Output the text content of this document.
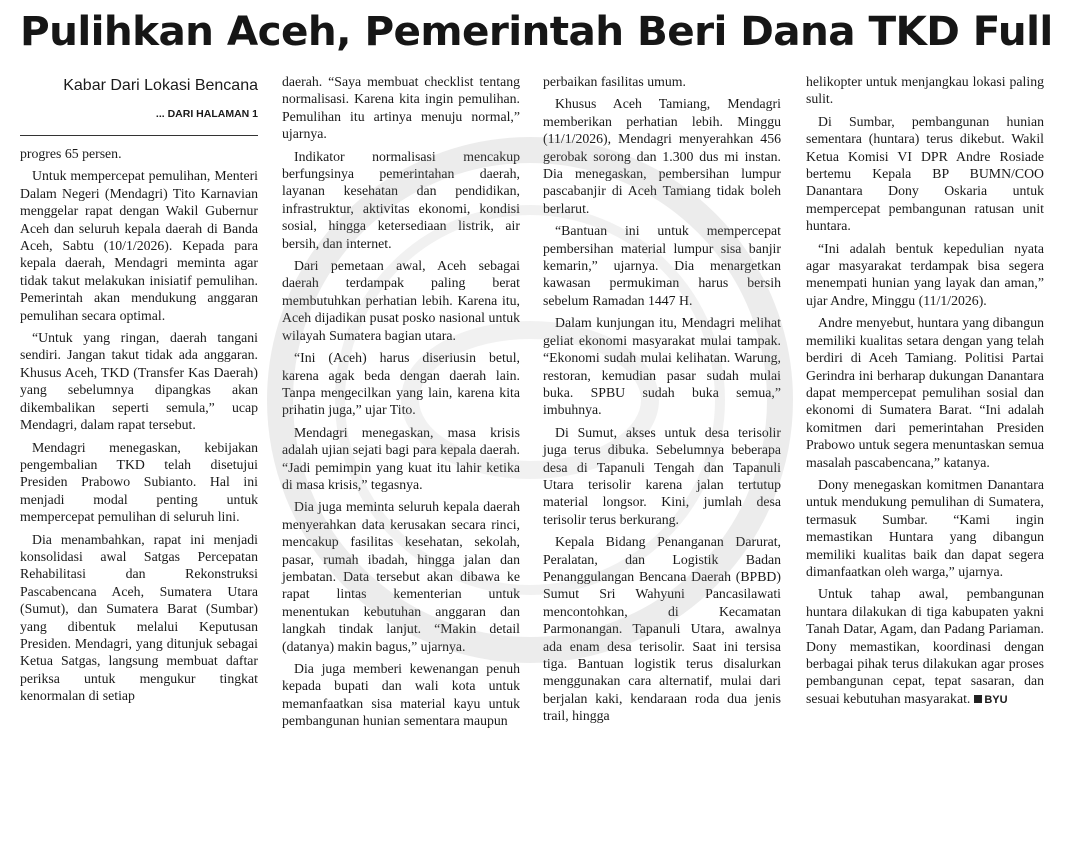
Pulihkan Aceh, Pemerintah Beri Dana TKD Full
Kabar Dari Lokasi Bencana
... DARI HALAMAN 1

progres 65 persen.

Untuk mempercepat pemulihan, Menteri Dalam Negeri (Mendagri) Tito Karnavian menggelar rapat dengan Wakil Gubernur Aceh dan seluruh kepala daerah di Banda Aceh, Sabtu (10/1/2026). Kepada para kepala daerah, Mendagri meminta agar tidak takut melakukan inisiatif pemulihan. Pemerintah akan mendukung anggaran pemulihan secara optimal.

“Untuk yang ringan, daerah tangani sendiri. Jangan takut tidak ada anggaran. Khusus Aceh, TKD (Transfer Kas Daerah) yang sebelumnya dipangkas akan dikembalikan seperti semula,” ucap Mendagri, dalam rapat tersebut.

Mendagri menegaskan, kebijakan pengembalian TKD telah disetujui Presiden Prabowo Subianto. Hal ini menjadi modal penting untuk mempercepat pemulihan di seluruh lini.

Dia menambahkan, rapat ini menjadi konsolidasi awal Satgas Percepatan Rehabilitasi dan Rekonstruksi Pascabencana Aceh, Sumatera Utara (Sumut), dan Sumatera Barat (Sumbar) yang dibentuk melalui Keputusan Presiden. Mendagri, yang ditunjuk sebagai Ketua Satgas, langsung membuat daftar periksa untuk mengukur tingkat kenormalan di setiap

daerah. “Saya membuat checklist tentang normalisasi. Karena kita ingin pemulihan. Pemulihan itu artinya menuju normal,” ujarnya.

Indikator normalisasi mencakup berfungsinya pemerintahan daerah, layanan kesehatan dan pendidikan, infrastruktur, aktivitas ekonomi, kondisi sosial, hingga ketersediaan listrik, air bersih, dan internet.

Dari pemetaan awal, Aceh sebagai daerah terdampak paling berat membutuhkan perhatian lebih. Karena itu, Aceh dijadikan pusat posko nasional untuk wilayah Sumatera bagian utara.

“Ini (Aceh) harus diseriusin betul, karena agak beda dengan daerah lain. Tanpa mengecilkan yang lain, karena kita prihatin juga,” ujar Tito.

Mendagri menegaskan, masa krisis adalah ujian sejati bagi para kepala daerah. “Jadi pemimpin yang kuat itu lahir ketika di masa krisis,” tegasnya.

Dia juga meminta seluruh kepala daerah menyerahkan data kerusakan secara rinci, mencakup fasilitas kesehatan, sekolah, pasar, rumah ibadah, hingga jalan dan jembatan. Data tersebut akan dibawa ke rapat lintas kementerian untuk menentukan kebutuhan anggaran dan langkah tindak lanjut. “Makin detail (datanya) makin bagus,” ujarnya.

Dia juga memberi kewenangan penuh kepada bupati dan wali kota untuk memanfaatkan sisa material kayu untuk pembangunan hunian sementara maupun

perbaikan fasilitas umum.

Khusus Aceh Tamiang, Mendagri memberikan perhatian lebih. Minggu (11/1/2026), Mendagri menyerahkan 456 gerobak sorong dan 1.300 dus mi instan. Dia menegaskan, pembersihan lumpur pascabanjir di Aceh Tamiang tidak boleh berlarut.

“Bantuan ini untuk mempercepat pembersihan material lumpur sisa banjir kemarin,” ujarnya. Dia menargetkan kawasan permukiman harus bersih sebelum Ramadan 1447 H.

Dalam kunjungan itu, Mendagri melihat geliat ekonomi masyarakat mulai tampak. “Ekonomi sudah mulai kelihatan. Warung, restoran, kemudian pasar sudah mulai buka. SPBU sudah buka semua,” imbuhnya.

Di Sumut, akses untuk desa terisolir juga terus dibuka. Sebelumnya beberapa desa di Tapanuli Tengah dan Tapanuli Utara terisolir karena jalan tertutup material longsor. Kini, jumlah desa terisolir terus berkurang.

Kepala Bidang Penanganan Darurat, Peralatan, dan Logistik Badan Penanggulangan Bencana Daerah (BPBD) Sumut Sri Wahyuni Pancasilawati mencontohkan, di Kecamatan Parmonangan. Tapanuli Utara, awalnya ada enam desa terisolir. Saat ini tersisa tiga. Bantuan logistik terus disalurkan menggunakan cara alternatif, mulai dari berjalan kaki, kendaraan roda dua jenis trail, hingga

helikopter untuk menjangkau lokasi paling sulit.

Di Sumbar, pembangunan hunian sementara (huntara) terus dikebut. Wakil Ketua Komisi VI DPR Andre Rosiade bertemu Kepala BP BUMN/COO Danantara Dony Oskaria untuk mempercepat pembangunan ratusan unit huntara.

“Ini adalah bentuk kepedulian nyata agar masyarakat terdampak bisa segera menempati hunian yang layak dan aman,” ujar Andre, Minggu (11/1/2026).

Andre menyebut, huntara yang dibangun memiliki kualitas setara dengan yang telah berdiri di Aceh Tamiang. Politisi Partai Gerindra ini berharap dukungan Danantara dapat mempercepat pemulihan sosial dan ekonomi di Sumatera Barat. “Ini adalah komitmen dari pemerintahan Presiden Prabowo untuk segera menuntaskan semua masalah pascabencana,” katanya.

Dony menegaskan komitmen Danantara untuk mendukung pemulihan di Sumatera, termasuk Sumbar. “Kami ingin memastikan Huntara yang dibangun memiliki kualitas baik dan dapat segera dimanfaatkan oleh warga,” ujarnya.

Untuk tahap awal, pembangunan huntara dilakukan di tiga kabupaten yakni Tanah Datar, Agam, dan Padang Pariaman. Dony memastikan, koordinasi dengan berbagai pihak terus dilakukan agar proses pembangunan cepat, tepat sasaran, dan sesuai kebutuhan masyarakat. BYU
